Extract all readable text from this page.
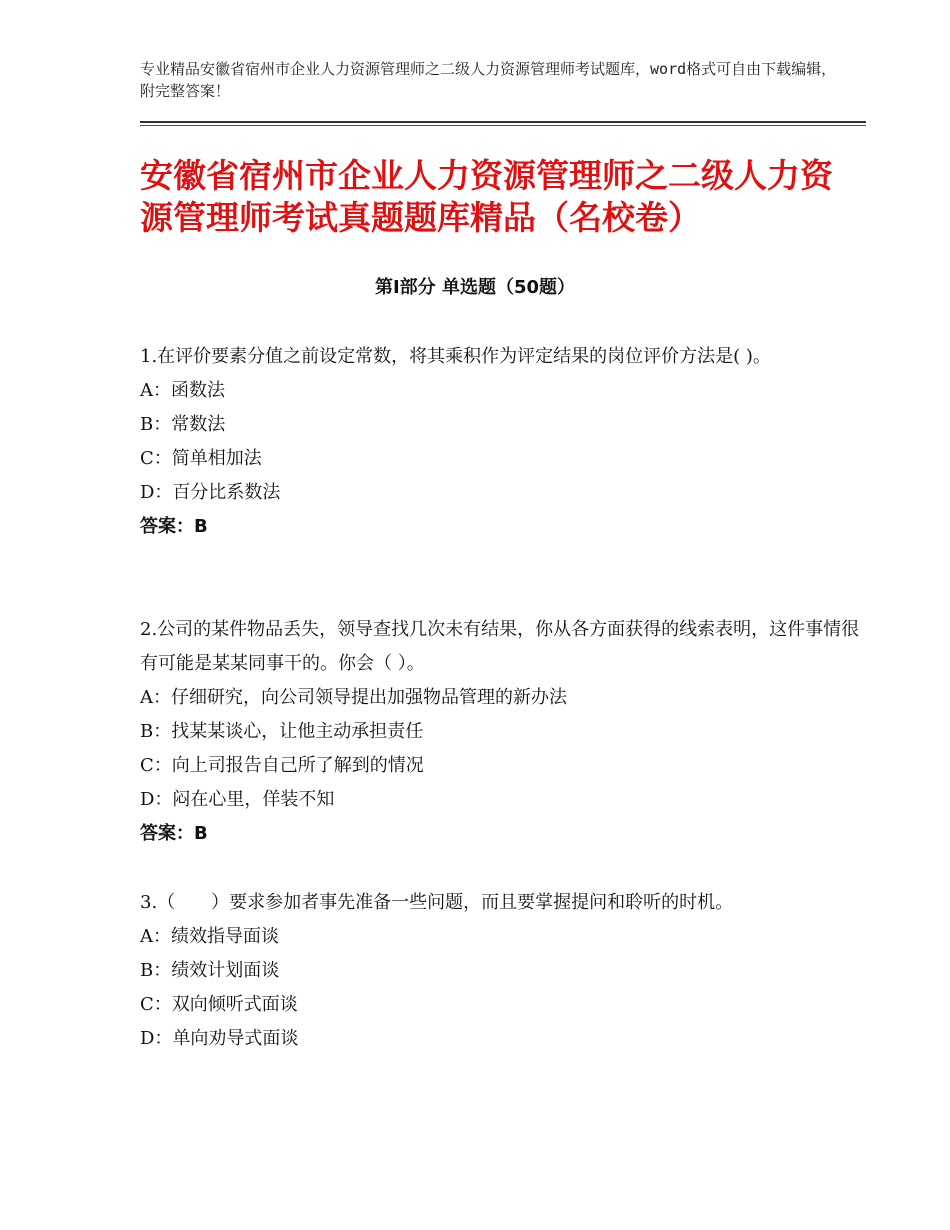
专业精品安徽省宿州市企业人力资源管理师之二级人力资源管理师考试题库，word格式可自由下载编辑，附完整答案！
安徽省宿州市企业人力资源管理师之二级人力资源管理师考试真题题库精品（名校卷）
第Ⅰ部分 单选题（50题）

1.在评价要素分值之前设定常数，将其乘积作为评定结果的岗位评价方法是( )。

A：函数法

B：常数法

C：简单相加法

D：百分比系数法

答案：B

2.公司的某件物品丢失，领导查找几次未有结果，你从各方面获得的线索表明，这件事情很有可能是某某同事干的。你会（ ）。

A：仔细研究，向公司领导提出加强物品管理的新办法

B：找某某谈心，让他主动承担责任

C：向上司报告自己所了解到的情况

D：闷在心里，佯装不知

答案：B

3.（　　）要求参加者事先准备一些问题，而且要掌握提问和聆听的时机。

A：绩效指导面谈

B：绩效计划面谈

C：双向倾听式面谈

D：单向劝导式面谈
